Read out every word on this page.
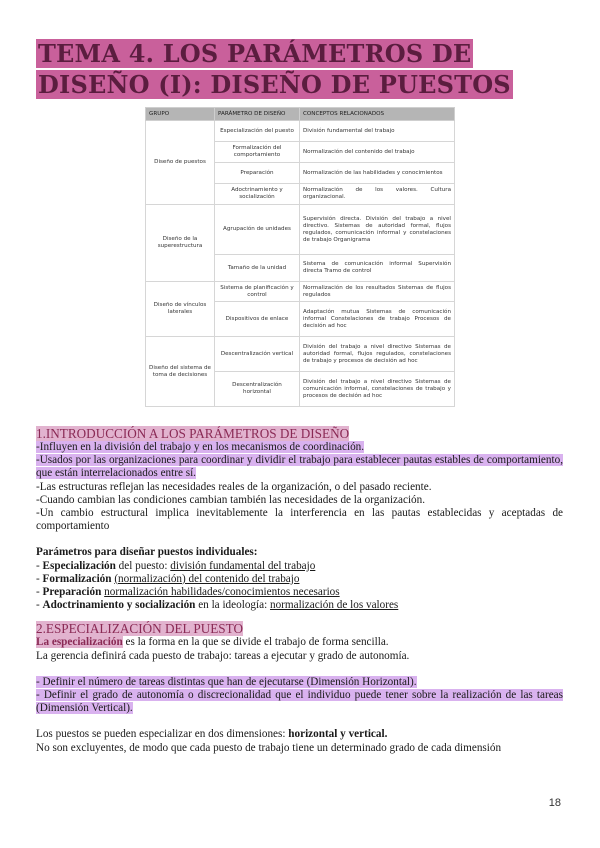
TEMA 4. LOS PARÁMETROS DE
DISEÑO (I): DISEÑO DE PUESTOS
GRUPO	PARÁMETRO DE DISEÑO	CONCEPTOS RELACIONADOS
Diseño de puestos	Especialización del puesto	División fundamental del trabajo
	Formalización del comportamiento	Normalización del contenido del trabajo
	Preparación	Normalización de las habilidades y conocimientos
	Adoctrinamiento y socialización	Normalización de los valores. Cultura organizacional.
Diseño de la superestructura	Agrupación de unidades	Supervisión directa. División del trabajo a nivel directivo. Sistemas de autoridad formal, flujos regulados, comunicación informal y constelaciones de trabajo Organigrama
	Tamaño de la unidad	Sistema de comunicación informal Supervisión directa Tramo de control
Diseño de vínculos laterales	Sistema de planificación y control	Normalización de los resultados Sistemas de flujos regulados
	Dispositivos de enlace	Adaptación mutua Sistemas de comunicación informal Constelaciones de trabajo Procesos de decisión ad hoc
Diseño del sistema de toma de decisiones	Descentralización vertical	División del trabajo a nivel directivo Sistemas de autoridad formal, flujos regulados, constelaciones de trabajo y procesos de decisión ad hoc
	Descentralización horizontal	División del trabajo a nivel directivo Sistemas de comunicación informal, constelaciones de trabajo y procesos de decisión ad hoc
1.INTRODUCCIÓN A LOS PARÁMETROS DE DISEÑO
-Influyen en la división del trabajo y en los mecanismos de coordinación.
-Usados por las organizaciones para coordinar y dividir el trabajo para establecer pautas estables de comportamiento, que están interrelacionados entre sí.
-Las estructuras reflejan las necesidades reales de la organización, o del pasado reciente.
-Cuando cambian las condiciones cambian también las necesidades de la organización.
-Un cambio estructural implica inevitablemente la interferencia en las pautas establecidas y aceptadas de comportamiento
Parámetros para diseñar puestos individuales:
- Especialización del puesto: división fundamental del trabajo
- Formalización (normalización) del contenido del trabajo
- Preparación normalización habilidades/conocimientos necesarios
- Adoctrinamiento y socialización en la ideología: normalización de los valores
2.ESPECIALIZACIÓN DEL PUESTO
La especialización es la forma en la que se divide el trabajo de forma sencilla.
La gerencia definirá cada puesto de trabajo: tareas a ejecutar y grado de autonomía.
- Definir el número de tareas distintas que han de ejecutarse (Dimensión Horizontal).
- Definir el grado de autonomía o discrecionalidad que el individuo puede tener sobre la realización de las tareas (Dimensión Vertical).
Los puestos se pueden especializar en dos dimensiones: horizontal y vertical.
No son excluyentes, de modo que cada puesto de trabajo tiene un determinado grado de cada dimensión
18
